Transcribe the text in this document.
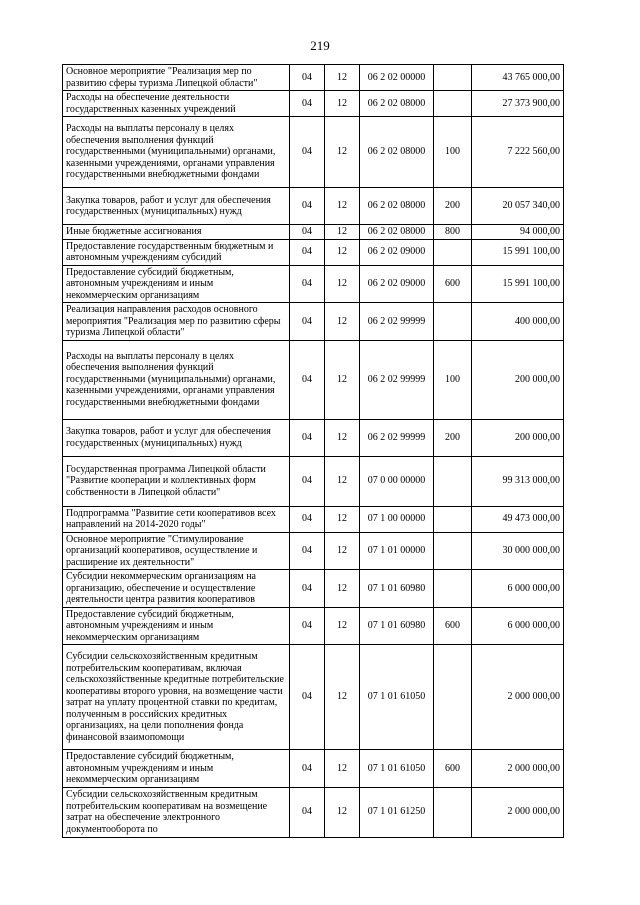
219
Основное мероприятие "Реализация мер по развитию сферы туризма Липецкой области"	04	12	06 2 02 00000		43 765 000,00
Расходы на обеспечение деятельности государственных казенных учреждений	04	12	06 2 02 08000		27 373 900,00
Расходы на выплаты персоналу в целях обеспечения выполнения функций государственными (муниципальными) органами, казенными учреждениями, органами управления государственными внебюджетными фондами	04	12	06 2 02 08000	100	7 222 560,00
Закупка товаров, работ и услуг для обеспечения государственных (муниципальных) нужд	04	12	06 2 02 08000	200	20 057 340,00
Иные бюджетные ассигнования	04	12	06 2 02 08000	800	94 000,00
Предоставление государственным бюджетным и автономным учреждениям субсидий	04	12	06 2 02 09000		15 991 100,00
Предоставление субсидий бюджетным, автономным учреждениям и иным некоммерческим организациям	04	12	06 2 02 09000	600	15 991 100,00
Реализация направления расходов основного мероприятия "Реализация мер по развитию сферы туризма Липецкой области"	04	12	06 2 02 99999		400 000,00
Расходы на выплаты персоналу в целях обеспечения выполнения функций государственными (муниципальными) органами, казенными учреждениями, органами управления государственными внебюджетными фондами	04	12	06 2 02 99999	100	200 000,00
Закупка товаров, работ и услуг для обеспечения государственных (муниципальных) нужд	04	12	06 2 02 99999	200	200 000,00
Государственная программа Липецкой области "Развитие кооперации и коллективных форм собственности в Липецкой области"	04	12	07 0 00 00000		99 313 000,00
Подпрограмма "Развитие сети кооперативов всех направлений на 2014-2020 годы"	04	12	07 1 00 00000		49 473 000,00
Основное мероприятие "Стимулирование организаций кооперативов, осуществление и расширение их деятельности"	04	12	07 1 01 00000		30 000 000,00
Субсидии некоммерческим организациям на организацию, обеспечение и осуществление деятельности центра развития кооперативов	04	12	07 1 01 60980		6 000 000,00
Предоставление субсидий бюджетным, автономным учреждениям и иным некоммерческим организациям	04	12	07 1 01 60980	600	6 000 000,00
Субсидии сельскохозяйственным кредитным потребительским кооперативам, включая сельскохозяйственные кредитные потребительские кооперативы второго уровня, на возмещение части затрат на уплату процентной ставки по кредитам, полученным в российских кредитных организациях, на цели пополнения фонда финансовой взаимопомощи	04	12	07 1 01 61050		2 000 000,00
Предоставление субсидий бюджетным, автономным учреждениям и иным некоммерческим организациям	04	12	07 1 01 61050	600	2 000 000,00
Субсидии сельскохозяйственным кредитным потребительским кооперативам на возмещение затрат на обеспечение электронного документооборота по	04	12	07 1 01 61250		2 000 000,00
